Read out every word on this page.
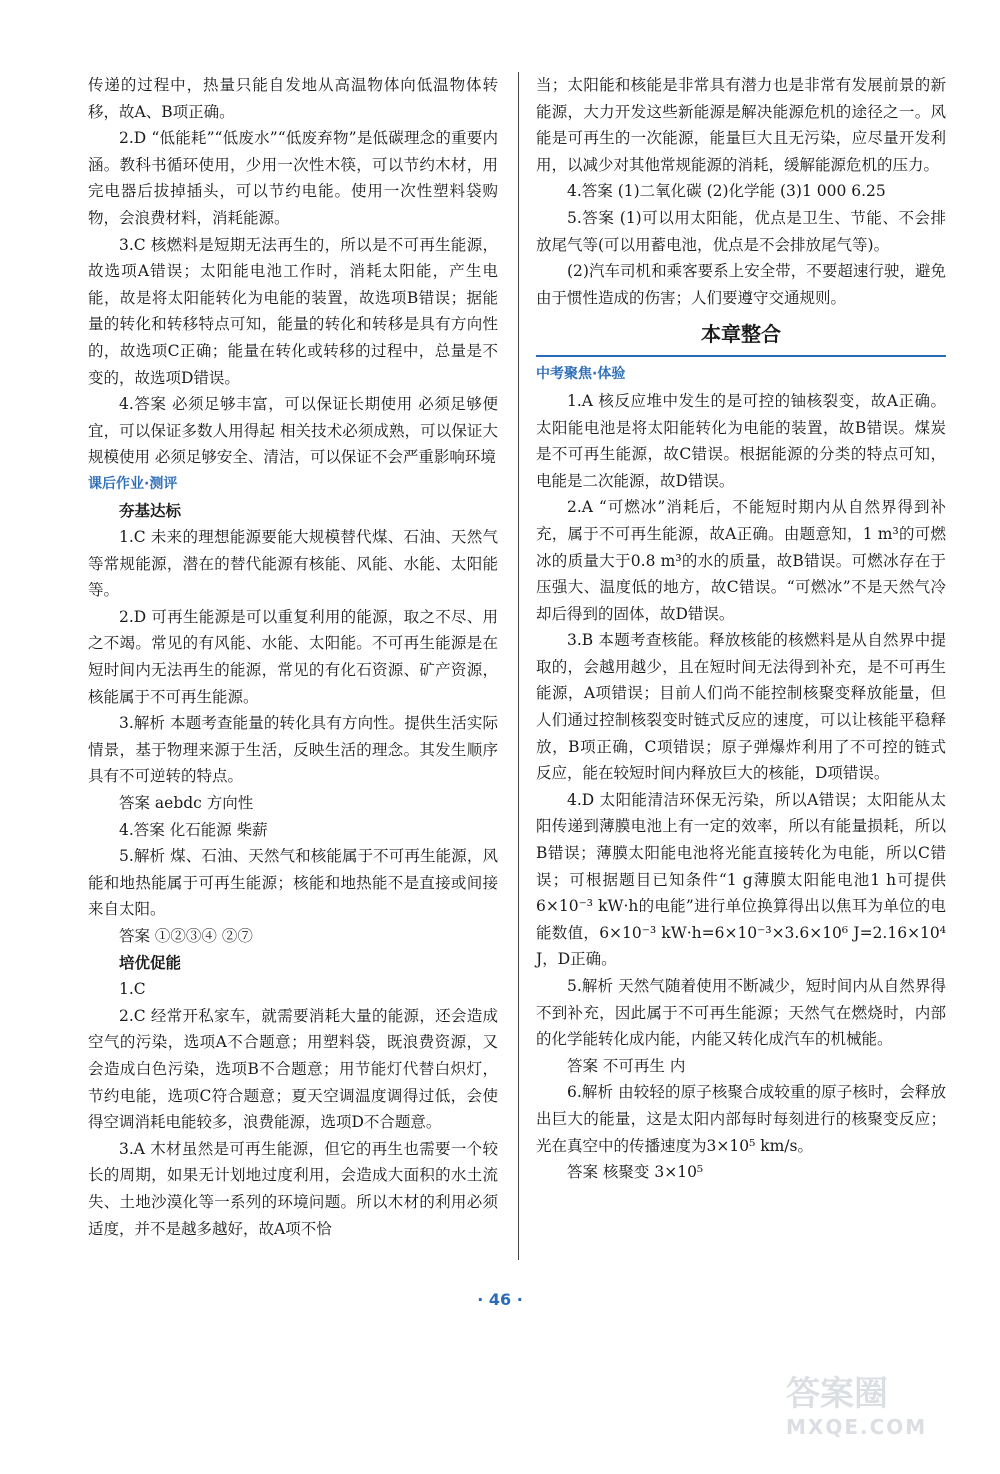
传递的过程中，热量只能自发地从高温物体向低温物体转移，故A、B项正确。

2.D “低能耗”“低废水”“低废弃物”是低碳理念的重要内涵。教科书循环使用，少用一次性木筷，可以节约木材，用完电器后拔掉插头，可以节约电能。使用一次性塑料袋购物，会浪费材料，消耗能源。

3.C 核燃料是短期无法再生的，所以是不可再生能源，故选项A错误；太阳能电池工作时，消耗太阳能，产生电能，故是将太阳能转化为电能的装置，故选项B错误；据能量的转化和转移特点可知，能量的转化和转移是具有方向性的，故选项C正确；能量在转化或转移的过程中，总量是不变的，故选项D错误。

4.答案 必须足够丰富，可以保证长期使用 必须足够便宜，可以保证多数人用得起 相关技术必须成熟，可以保证大规模使用 必须足够安全、清洁，可以保证不会严重影响环境

课后作业·测评

夯基达标

1.C 未来的理想能源要能大规模替代煤、石油、天然气等常规能源，潜在的替代能源有核能、风能、水能、太阳能等。

2.D 可再生能源是可以重复利用的能源，取之不尽、用之不竭。常见的有风能、水能、太阳能。不可再生能源是在短时间内无法再生的能源，常见的有化石资源、矿产资源，核能属于不可再生能源。

3.解析 本题考查能量的转化具有方向性。提供生活实际情景，基于物理来源于生活，反映生活的理念。其发生顺序具有不可逆转的特点。

答案 aebdc 方向性

4.答案 化石能源 柴薪

5.解析 煤、石油、天然气和核能属于不可再生能源，风能和地热能属于可再生能源；核能和地热能不是直接或间接来自太阳。

答案 ①②③④ ②⑦

培优促能

1.C

2.C 经常开私家车，就需要消耗大量的能源，还会造成空气的污染，选项A不合题意；用塑料袋，既浪费资源，又会造成白色污染，选项B不合题意；用节能灯代替白炽灯，节约电能，选项C符合题意；夏天空调温度调得过低，会使得空调消耗电能较多，浪费能源，选项D不合题意。

3.A 木材虽然是可再生能源，但它的再生也需要一个较长的周期，如果无计划地过度利用，会造成大面积的水土流失、土地沙漠化等一系列的环境问题。所以木材的利用必须适度，并不是越多越好，故A项不恰

当；太阳能和核能是非常具有潜力也是非常有发展前景的新能源，大力开发这些新能源是解决能源危机的途径之一。风能是可再生的一次能源，能量巨大且无污染，应尽量开发利用，以减少对其他常规能源的消耗，缓解能源危机的压力。

4.答案 (1)二氧化碳 (2)化学能 (3)1 000 6.25

5.答案 (1)可以用太阳能，优点是卫生、节能、不会排放尾气等(可以用蓄电池，优点是不会排放尾气等)。

(2)汽车司机和乘客要系上安全带，不要超速行驶，避免由于惯性造成的伤害；人们要遵守交通规则。

本章整合

中考聚焦·体验

1.A 核反应堆中发生的是可控的铀核裂变，故A正确。太阳能电池是将太阳能转化为电能的装置，故B错误。煤炭是不可再生能源，故C错误。根据能源的分类的特点可知，电能是二次能源，故D错误。

2.A “可燃冰”消耗后，不能短时期内从自然界得到补充，属于不可再生能源，故A正确。由题意知，1 m³的可燃冰的质量大于0.8 m³的水的质量，故B错误。可燃冰存在于压强大、温度低的地方，故C错误。“可燃冰”不是天然气冷却后得到的固体，故D错误。

3.B 本题考查核能。释放核能的核燃料是从自然界中提取的，会越用越少，且在短时间无法得到补充，是不可再生能源，A项错误；目前人们尚不能控制核聚变释放能量，但人们通过控制核裂变时链式反应的速度，可以让核能平稳释放，B项正确，C项错误；原子弹爆炸利用了不可控的链式反应，能在较短时间内释放巨大的核能，D项错误。

4.D 太阳能清洁环保无污染，所以A错误；太阳能从太阳传递到薄膜电池上有一定的效率，所以有能量损耗，所以B错误；薄膜太阳能电池将光能直接转化为电能，所以C错误；可根据题目已知条件“1 g薄膜太阳能电池1 h可提供6×10⁻³ kW·h的电能”进行单位换算得出以焦耳为单位的电能数值，6×10⁻³ kW·h=6×10⁻³×3.6×10⁶ J=2.16×10⁴ J，D正确。

5.解析 天然气随着使用不断减少，短时间内从自然界得不到补充，因此属于不可再生能源；天然气在燃烧时，内部的化学能转化成内能，内能又转化成汽车的机械能。

答案 不可再生 内

6.解析 由较轻的原子核聚合成较重的原子核时，会释放出巨大的能量，这是太阳内部每时每刻进行的核聚变反应；光在真空中的传播速度为3×10⁵ km/s。

答案 核聚变 3×10⁵

· 46 ·
答案圈
MXQE.COM
